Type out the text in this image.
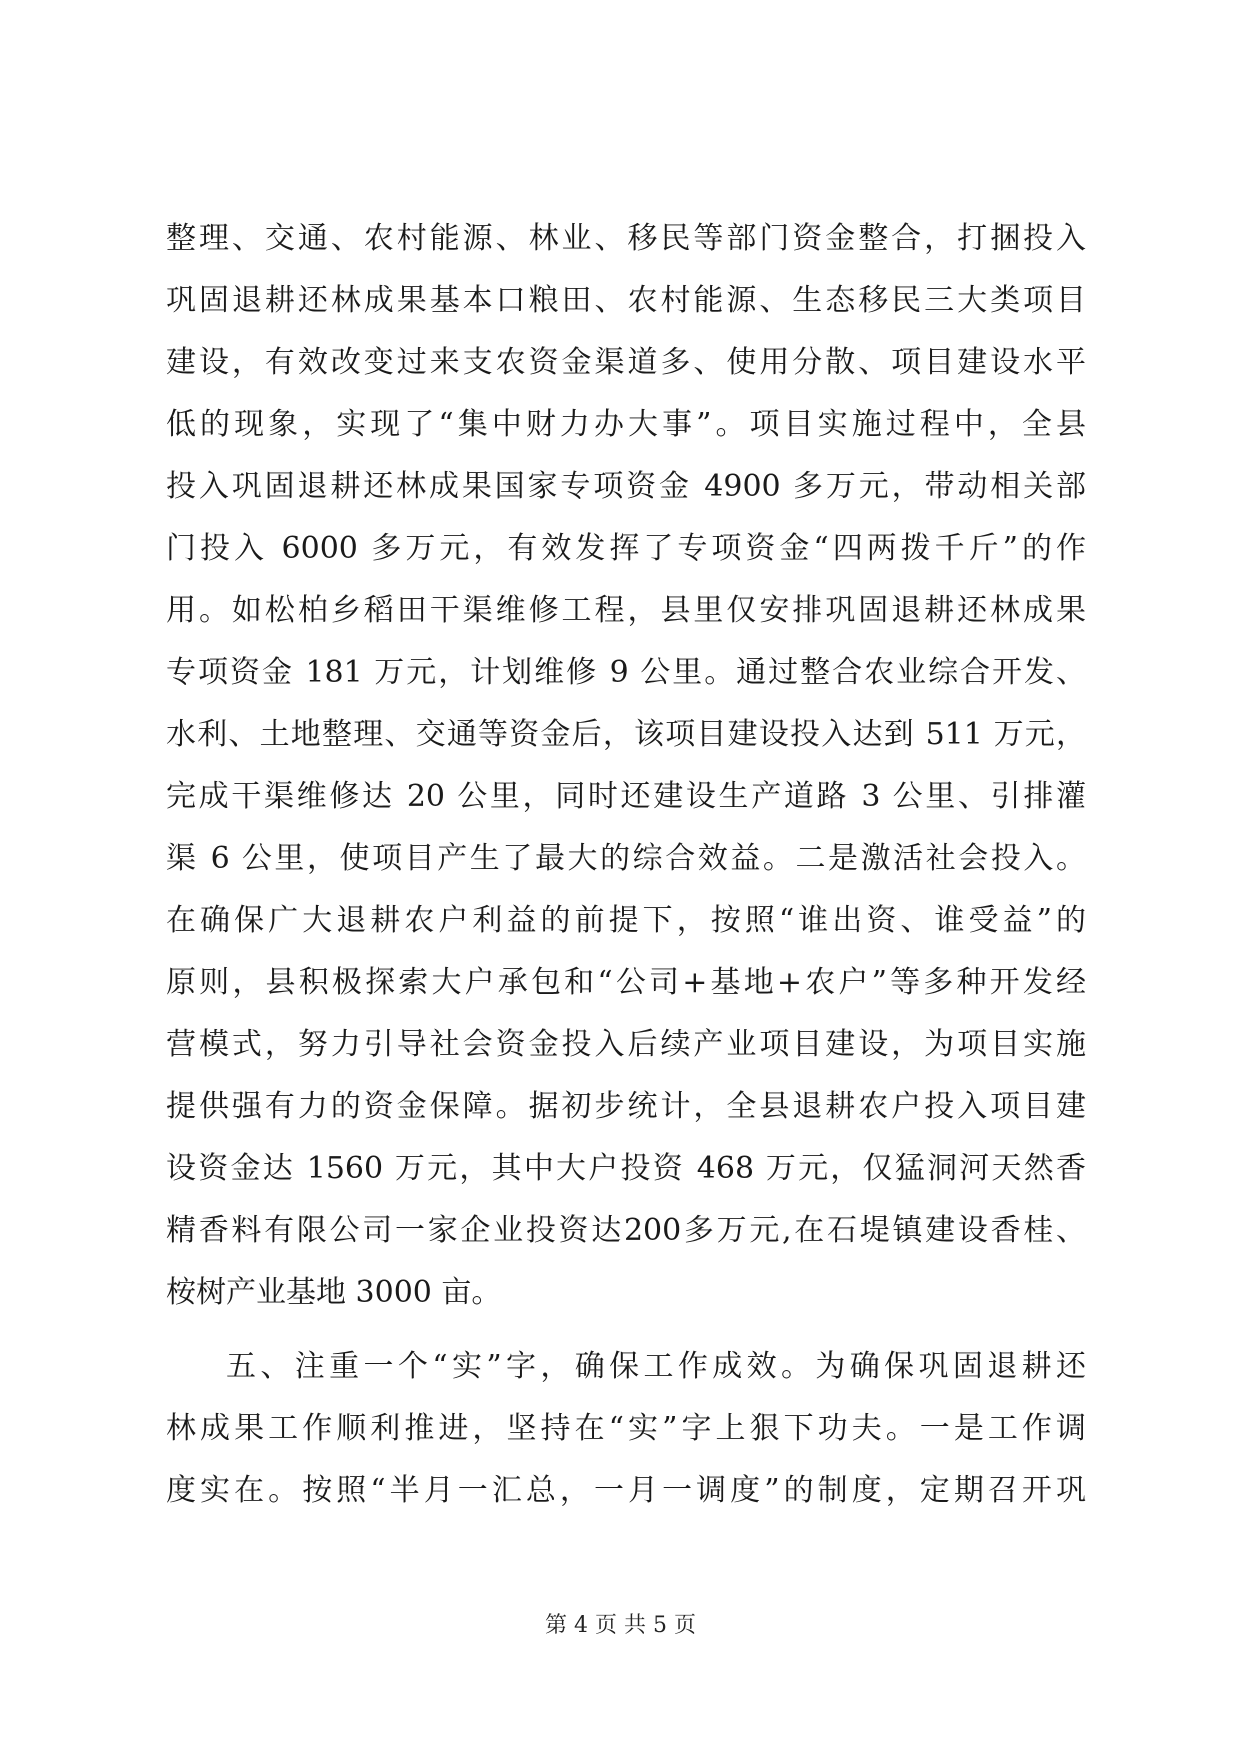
整理、交通、农村能源、林业、移民等部门资金整合，打捆投入
巩固退耕还林成果基本口粮田、农村能源、生态移民三大类项目
建设，有效改变过来支农资金渠道多、使用分散、项目建设水平
低的现象，实现了“集中财力办大事”。项目实施过程中，全县
投入巩固退耕还林成果国家专项资金 4900 多万元，带动相关部
门投入 6000 多万元，有效发挥了专项资金“四两拨千斤”的作
用。如松柏乡稻田干渠维修工程，县里仅安排巩固退耕还林成果
专项资金 181 万元，计划维修 9 公里。通过整合农业综合开发、
水利、土地整理、交通等资金后，该项目建设投入达到 511 万元，
完成干渠维修达 20 公里，同时还建设生产道路 3 公里、引排灌
渠 6 公里，使项目产生了最大的综合效益。二是激活社会投入。
在确保广大退耕农户利益的前提下，按照“谁出资、谁受益”的
原则，县积极探索大户承包和“公司+基地+农户”等多种开发经
营模式，努力引导社会资金投入后续产业项目建设，为项目实施
提供强有力的资金保障。据初步统计，全县退耕农户投入项目建
设资金达 1560 万元，其中大户投资 468 万元，仅猛洞河天然香
精香料有限公司一家企业投资达200多万元,在石堤镇建设香桂、
桉树产业基地 3000 亩。
五、注重一个“实”字，确保工作成效。为确保巩固退耕还
林成果工作顺利推进，坚持在“实”字上狠下功夫。一是工作调
度实在。按照“半月一汇总，一月一调度”的制度，定期召开巩
第 4 页 共 5 页
